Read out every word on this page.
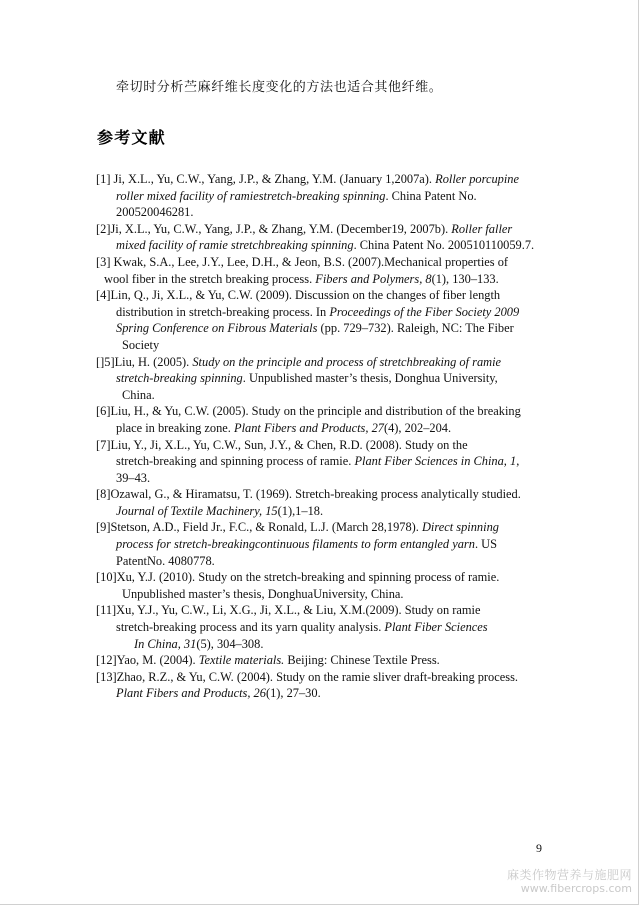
牵切时分析苎麻纤维长度变化的方法也适合其他纤维。
参考文献
[1] Ji, X.L., Yu, C.W., Yang, J.P., & Zhang, Y.M. (January 1,2007a). Roller porcupine
roller mixed facility of ramiestretch-breaking spinning. China Patent No.
200520046281.
[2]Ji, X.L., Yu, C.W., Yang, J.P., & Zhang, Y.M. (December19, 2007b). Roller faller
mixed facility of ramie stretchbreaking spinning. China Patent No. 200510110059.7.
[3] Kwak, S.A., Lee, J.Y., Lee, D.H., & Jeon, B.S. (2007).Mechanical properties of
wool fiber in the stretch breaking process. Fibers and Polymers, 8(1), 130–133.
[4]Lin, Q., Ji, X.L., & Yu, C.W. (2009). Discussion on the changes of fiber length
distribution in stretch-breaking process. In Proceedings of the Fiber Society 2009
Spring Conference on Fibrous Materials (pp. 729–732). Raleigh, NC: The Fiber
Society
[]5]Liu, H. (2005). Study on the principle and process of stretchbreaking of ramie
stretch-breaking spinning. Unpublished master’s thesis, Donghua University,
China.
[6]Liu, H., & Yu, C.W. (2005). Study on the principle and distribution of the breaking
place in breaking zone. Plant Fibers and Products, 27(4), 202–204.
[7]Liu, Y., Ji, X.L., Yu, C.W., Sun, J.Y., & Chen, R.D. (2008). Study on the
stretch-breaking and spinning process of ramie. Plant Fiber Sciences in China, 1,
39–43.
[8]Ozawal, G., & Hiramatsu, T. (1969). Stretch-breaking process analytically studied.
Journal of Textile Machinery, 15(1),1–18.
[9]Stetson, A.D., Field Jr., F.C., & Ronald, L.J. (March 28,1978). Direct spinning
process for stretch-breakingcontinuous filaments to form entangled yarn. US
PatentNo. 4080778.
[10]Xu, Y.J. (2010). Study on the stretch-breaking and spinning process of ramie.
Unpublished master’s thesis, DonghuaUniversity, China.
[11]Xu, Y.J., Yu, C.W., Li, X.G., Ji, X.L., & Liu, X.M.(2009). Study on ramie
stretch-breaking process and its yarn quality analysis. Plant Fiber Sciences
In China, 31(5), 304–308.
[12]Yao, M. (2004). Textile materials. Beijing: Chinese Textile Press.
[13]Zhao, R.Z., & Yu, C.W. (2004). Study on the ramie sliver draft-breaking process.
Plant Fibers and Products, 26(1), 27–30.
9
麻类作物营养与施肥网
www.fibercrops.com
